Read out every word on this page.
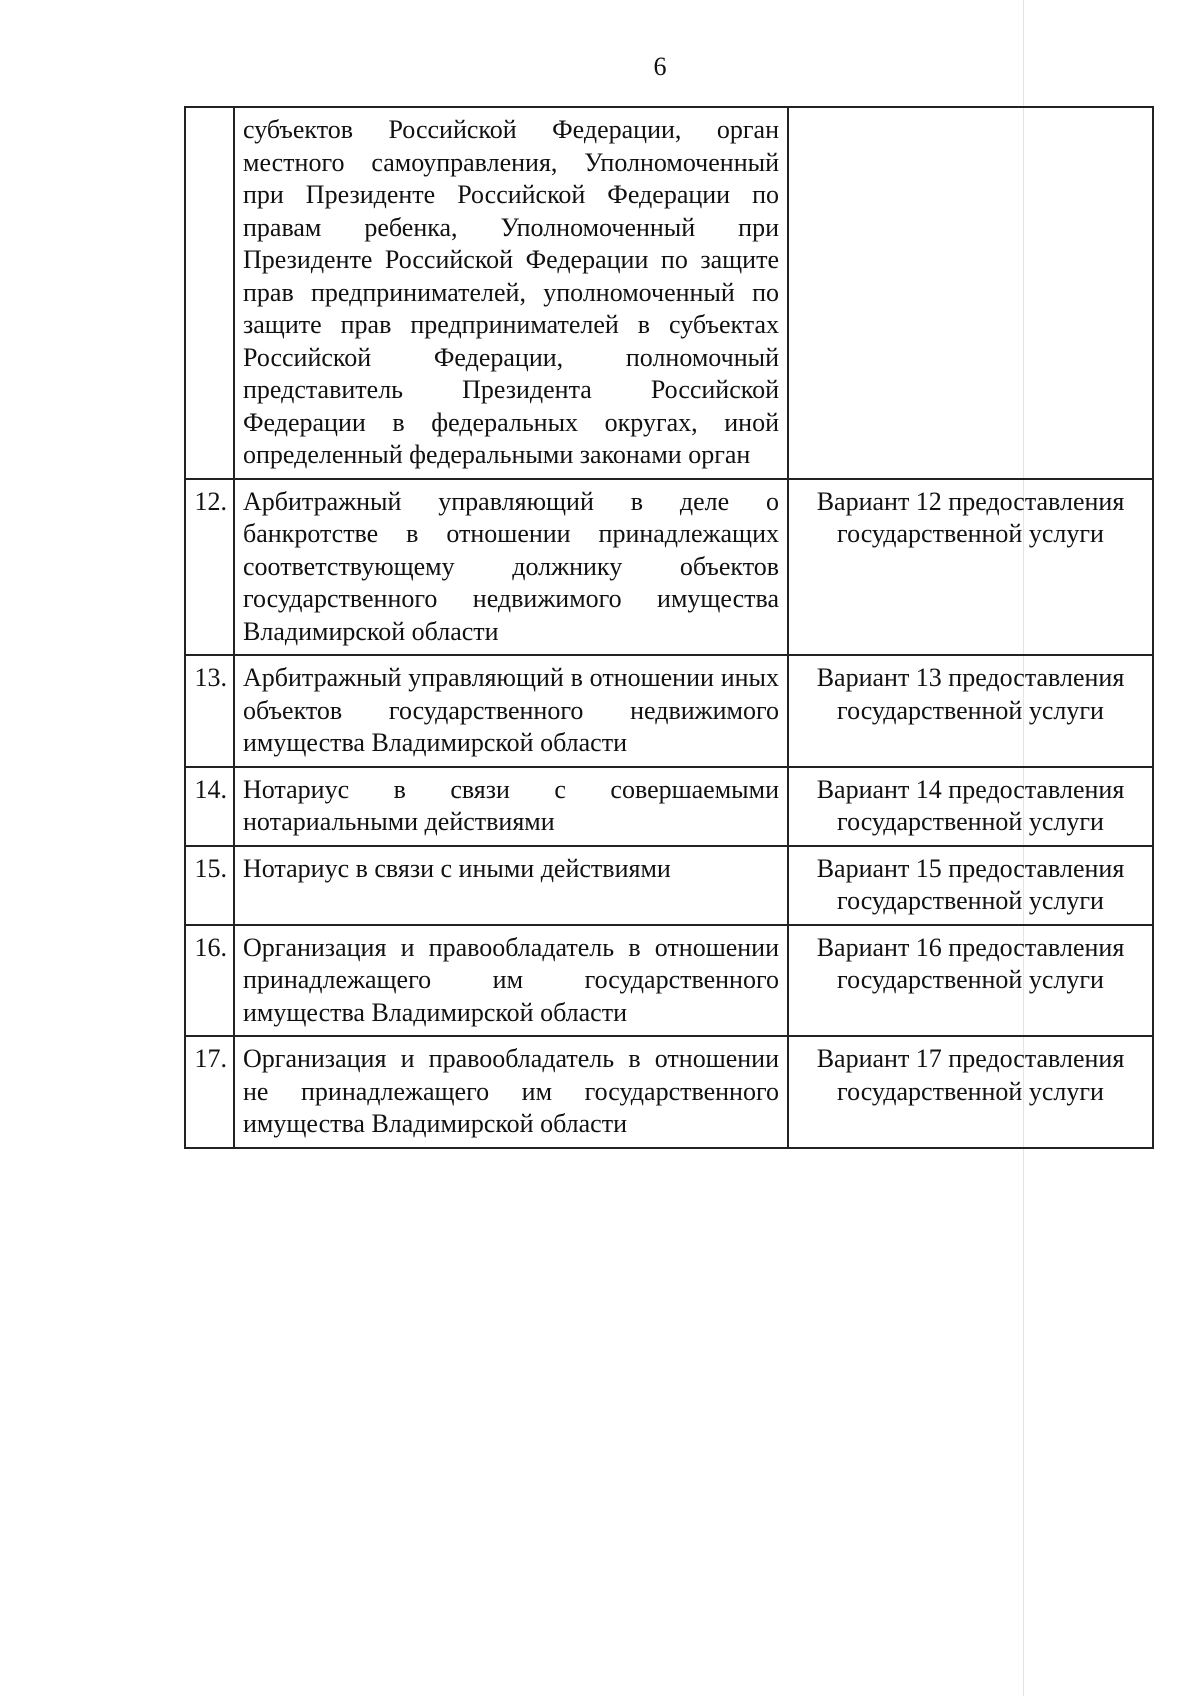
6
	субъектов Российской Федерации, орган местного самоуправления, Уполномоченный при Президенте Российской Федерации по правам ребенка, Уполномоченный при Президенте Российской Федерации по защите прав предпринимателей, уполномоченный по защите прав предпринимателей в субъектах Российской Федерации, полномочный представитель Президента Российской Федерации в федеральных округах, иной определенный федеральными законами орган	

12.	Арбитражный управляющий в деле о банкротстве в отношении принадлежащих соответствующему должнику объектов государственного недвижимого имущества Владимирской области	Вариант 12 предоставления
государственной услуги

13.	Арбитражный управляющий в отношении иных объектов государственного недвижимого имущества Владимирской области	Вариант 13 предоставления
государственной услуги

14.	Нотариус в связи с совершаемыми нотариальными действиями	Вариант 14 предоставления
государственной услуги

15.	Нотариус в связи с иными действиями	Вариант 15 предоставления
государственной услуги

16.	Организация и правообладатель в отношении принадлежащего им государственного имущества Владимирской области	Вариант 16 предоставления
государственной услуги

17.	Организация и правообладатель в отношении не принадлежащего им государственного имущества Владимирской области	Вариант 17 предоставления
государственной услуги
